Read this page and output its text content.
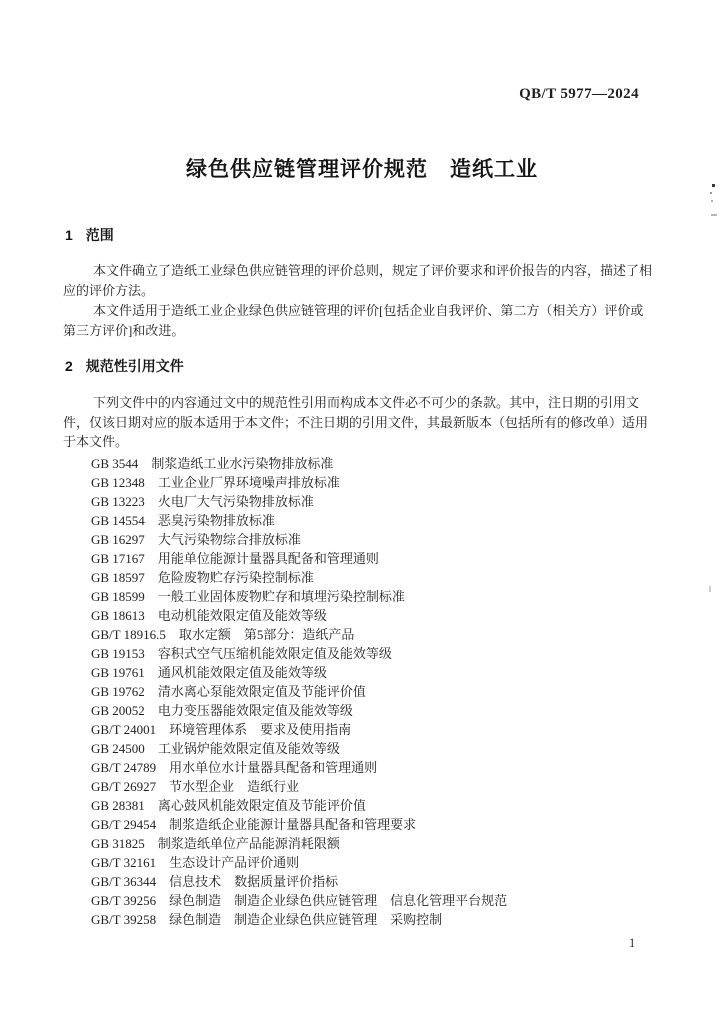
QB/T 5977—2024
绿色供应链管理评价规范　造纸工业
1 范围
本文件确立了造纸工业绿色供应链管理的评价总则，规定了评价要求和评价报告的内容，描述了相
应的评价方法。
本文件适用于造纸工业企业绿色供应链管理的评价[包括企业自我评价、第二方（相关方）评价或
第三方评价]和改进。
2 规范性引用文件
下列文件中的内容通过文中的规范性引用而构成本文件必不可少的条款。其中，注日期的引用文
件，仅该日期对应的版本适用于本文件；不注日期的引用文件，其最新版本（包括所有的修改单）适用
于本文件。
GB 3544 制浆造纸工业水污染物排放标准
GB 12348 工业企业厂界环境噪声排放标准
GB 13223 火电厂大气污染物排放标准
GB 14554 恶臭污染物排放标准
GB 16297 大气污染物综合排放标准
GB 17167 用能单位能源计量器具配备和管理通则
GB 18597 危险废物贮存污染控制标准
GB 18599 一般工业固体废物贮存和填埋污染控制标准
GB 18613 电动机能效限定值及能效等级
GB/T 18916.5 取水定额　第5部分：造纸产品
GB 19153 容积式空气压缩机能效限定值及能效等级
GB 19761 通风机能效限定值及能效等级
GB 19762 清水离心泵能效限定值及节能评价值
GB 20052 电力变压器能效限定值及能效等级
GB/T 24001 环境管理体系　要求及使用指南
GB 24500 工业锅炉能效限定值及能效等级
GB/T 24789 用水单位水计量器具配备和管理通则
GB/T 26927 节水型企业　造纸行业
GB 28381 离心鼓风机能效限定值及节能评价值
GB/T 29454 制浆造纸企业能源计量器具配备和管理要求
GB 31825 制浆造纸单位产品能源消耗限额
GB/T 32161 生态设计产品评价通则
GB/T 36344 信息技术　数据质量评价指标
GB/T 39256 绿色制造　制造企业绿色供应链管理　信息化管理平台规范
GB/T 39258 绿色制造　制造企业绿色供应链管理　采购控制
1
